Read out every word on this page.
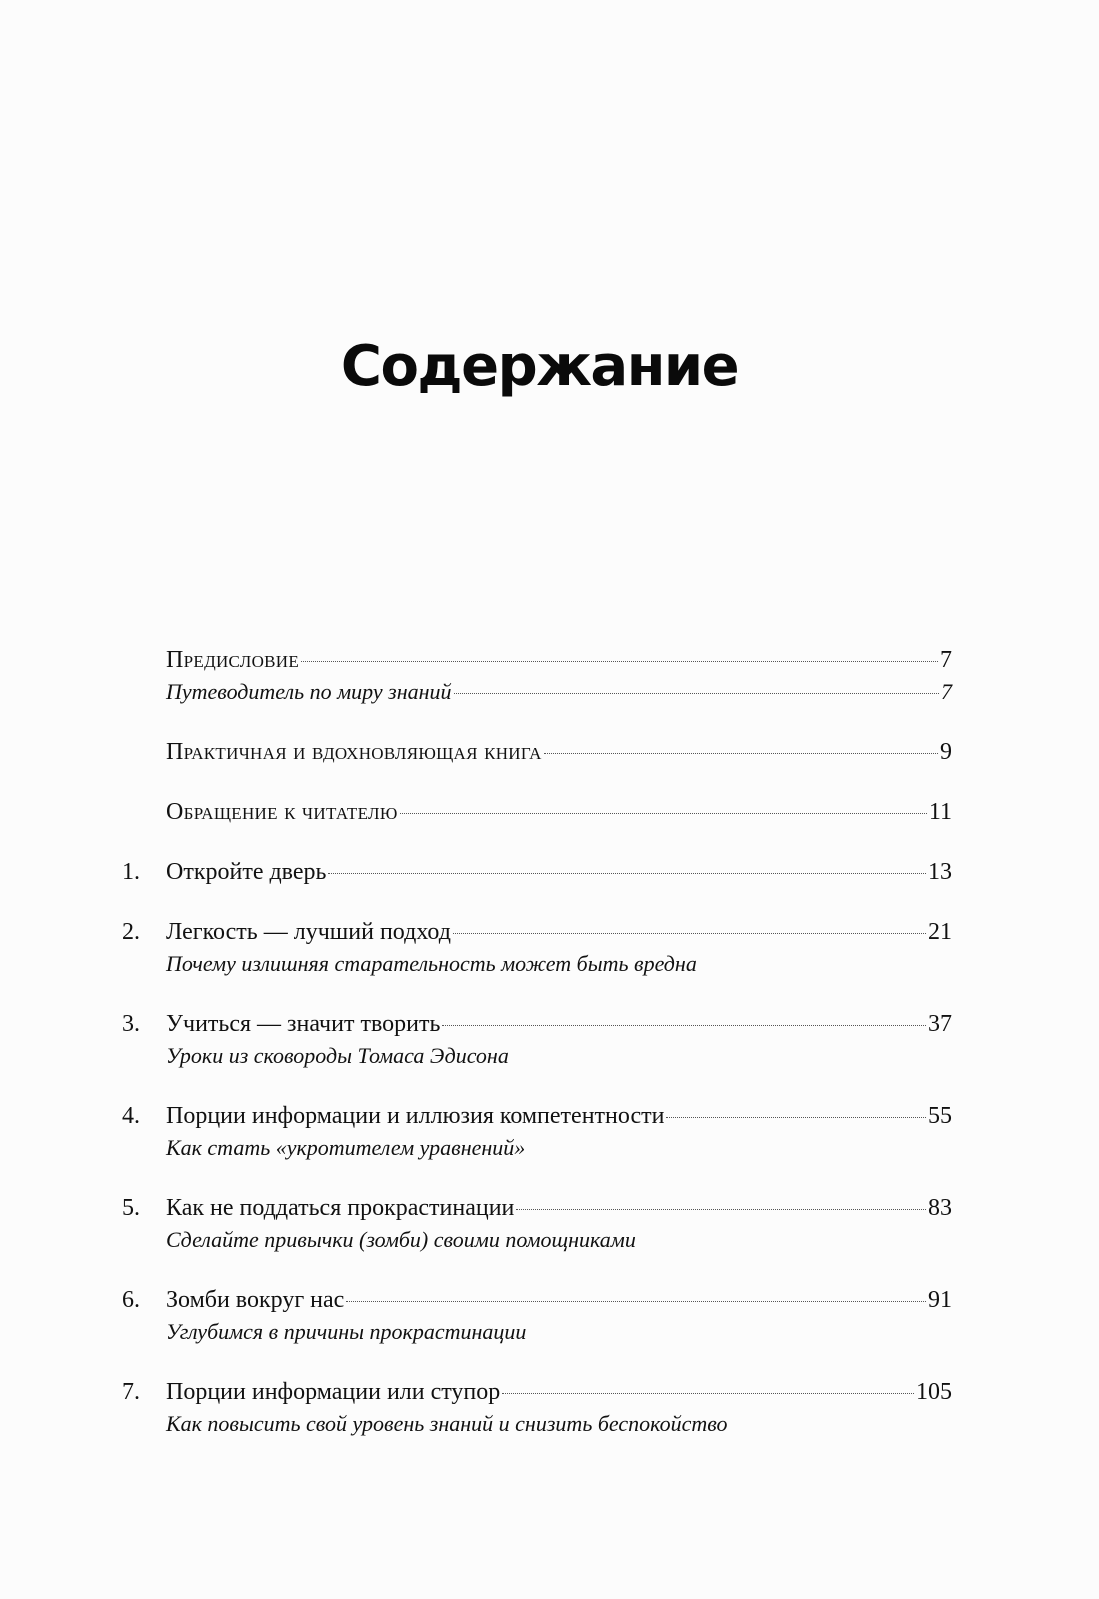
Содержание
Предисловие	7
Путеводитель по миру знаний	7
Практичная и вдохновляющая книга	9
Обращение к читателю	11
1. Откройте дверь	13
2. Легкость — лучший подход	21
Почему излишняя старательность может быть вредна
3. Учиться — значит творить	37
Уроки из сковороды Томаса Эдисона
4. Порции информации и иллюзия компетентности	55
Как стать «укротителем уравнений»
5. Как не поддаться прокрастинации	83
Сделайте привычки (зомби) своими помощниками
6. Зомби вокруг нас	91
Углубимся в причины прокрастинации
7. Порции информации или ступор	105
Как повысить свой уровень знаний и снизить беспокойство
